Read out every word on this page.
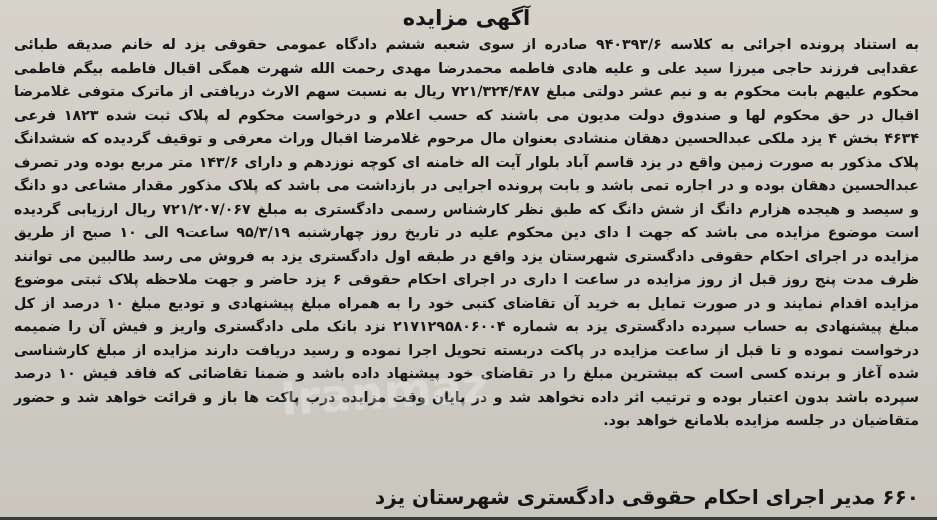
آگهی مزایده
به استناد پرونده اجرائی به کلاسه ۹۴۰۳۹۳/۶ صادره از سوی شعبه ششم دادگاه عمومی حقوقی یزد له خانم صدیقه طبائی عقدایی فرزند حاجی میرزا سید علی و علیه هادی فاطمه محمدرضا مهدی رحمت الله شهرت همگی اقبال فاطمه بیگم فاطمی محکوم علیهم بابت محکوم به و نیم عشر دولتی مبلغ ۷۲۱/۳۲۴/۴۸۷ ریال به نسبت سهم الارث دریافتی از ماترک متوفی غلامرضا اقبال در حق محکوم لها و صندوق دولت مدیون می باشند که حسب اعلام و درخواست محکوم له پلاک ثبت شده ۱۸۲۳ فرعی ۴۶۳۴ بخش ۴ یزد ملکی عبدالحسین دهقان منشادی بعنوان مال مرحوم غلامرضا اقبال وراث معرفی و توقیف گردیده که ششدانگ پلاک مذکور به صورت زمین واقع در یزد قاسم آباد بلوار آیت اله خامنه ای کوچه نوزدهم و دارای ۱۴۳/۶ متر مربع بوده ودر تصرف عبدالحسین دهقان بوده و در اجاره تمی باشد و بابت پرونده اجرایی در بازداشت می باشد که پلاک مذکور مقدار مشاعی دو دانگ و سیصد و هیجده هزارم دانگ از شش دانگ که طبق نظر کارشناس رسمی دادگستری به مبلغ ۷۲۱/۲۰۷/۰۶۷ ریال ارزیابی گردیده است موضوع مزایده می باشد که جهت ا دای دین محکوم علیه در تاریخ روز چهارشنبه ۹۵/۳/۱۹ ساعت۹ الی ۱۰ صبح از طریق مزایده در اجرای احکام حقوقی دادگستری شهرستان یزد واقع در طبقه اول دادگستری یزد به فروش می رسد طالبین می توانند ظرف مدت پنج روز قبل از روز مزایده در ساعت ا داری در اجرای احکام حقوقی ۶ یزد حاضر و جهت ملاحظه پلاک ثبتی موضوع مزایده اقدام نمایند و در صورت تمایل به خرید آن تقاضای کتبی خود را به همراه مبلغ پیشنهادی و توديع مبلغ ۱۰ درصد از کل مبلغ پیشنهادی به حساب سپرده دادگستری یزد به شماره ۲۱۷۱۲۹۵۸۰۶۰۰۴ نزد بانک ملی دادگستری واریز و فیش آن را ضمیمه درخواست نموده و تا قبل از ساعت مزایده در پاکت دربسته تحویل اجرا نموده و رسید دریافت دارند مزایده از مبلغ کارشناسی شده آغاز و برنده کسی است که بیشترین مبلغ را در تقاضای خود پیشنهاد داده باشد و ضمنا تقاضائی که فاقد فیش ۱۰ درصد سپرده باشد بدون اعتبار بوده و ترتیب اثر داده نخواهد شد و در پایان وقت مزایده درب پاکت ها باز و قرائت خواهد شد و حضور متقاضیان در جلسه مزایده بلامانع خواهد بود.
Iranmaz
۶۶۰ مدیر اجرای احکام حقوقی دادگستری شهرستان یزد
